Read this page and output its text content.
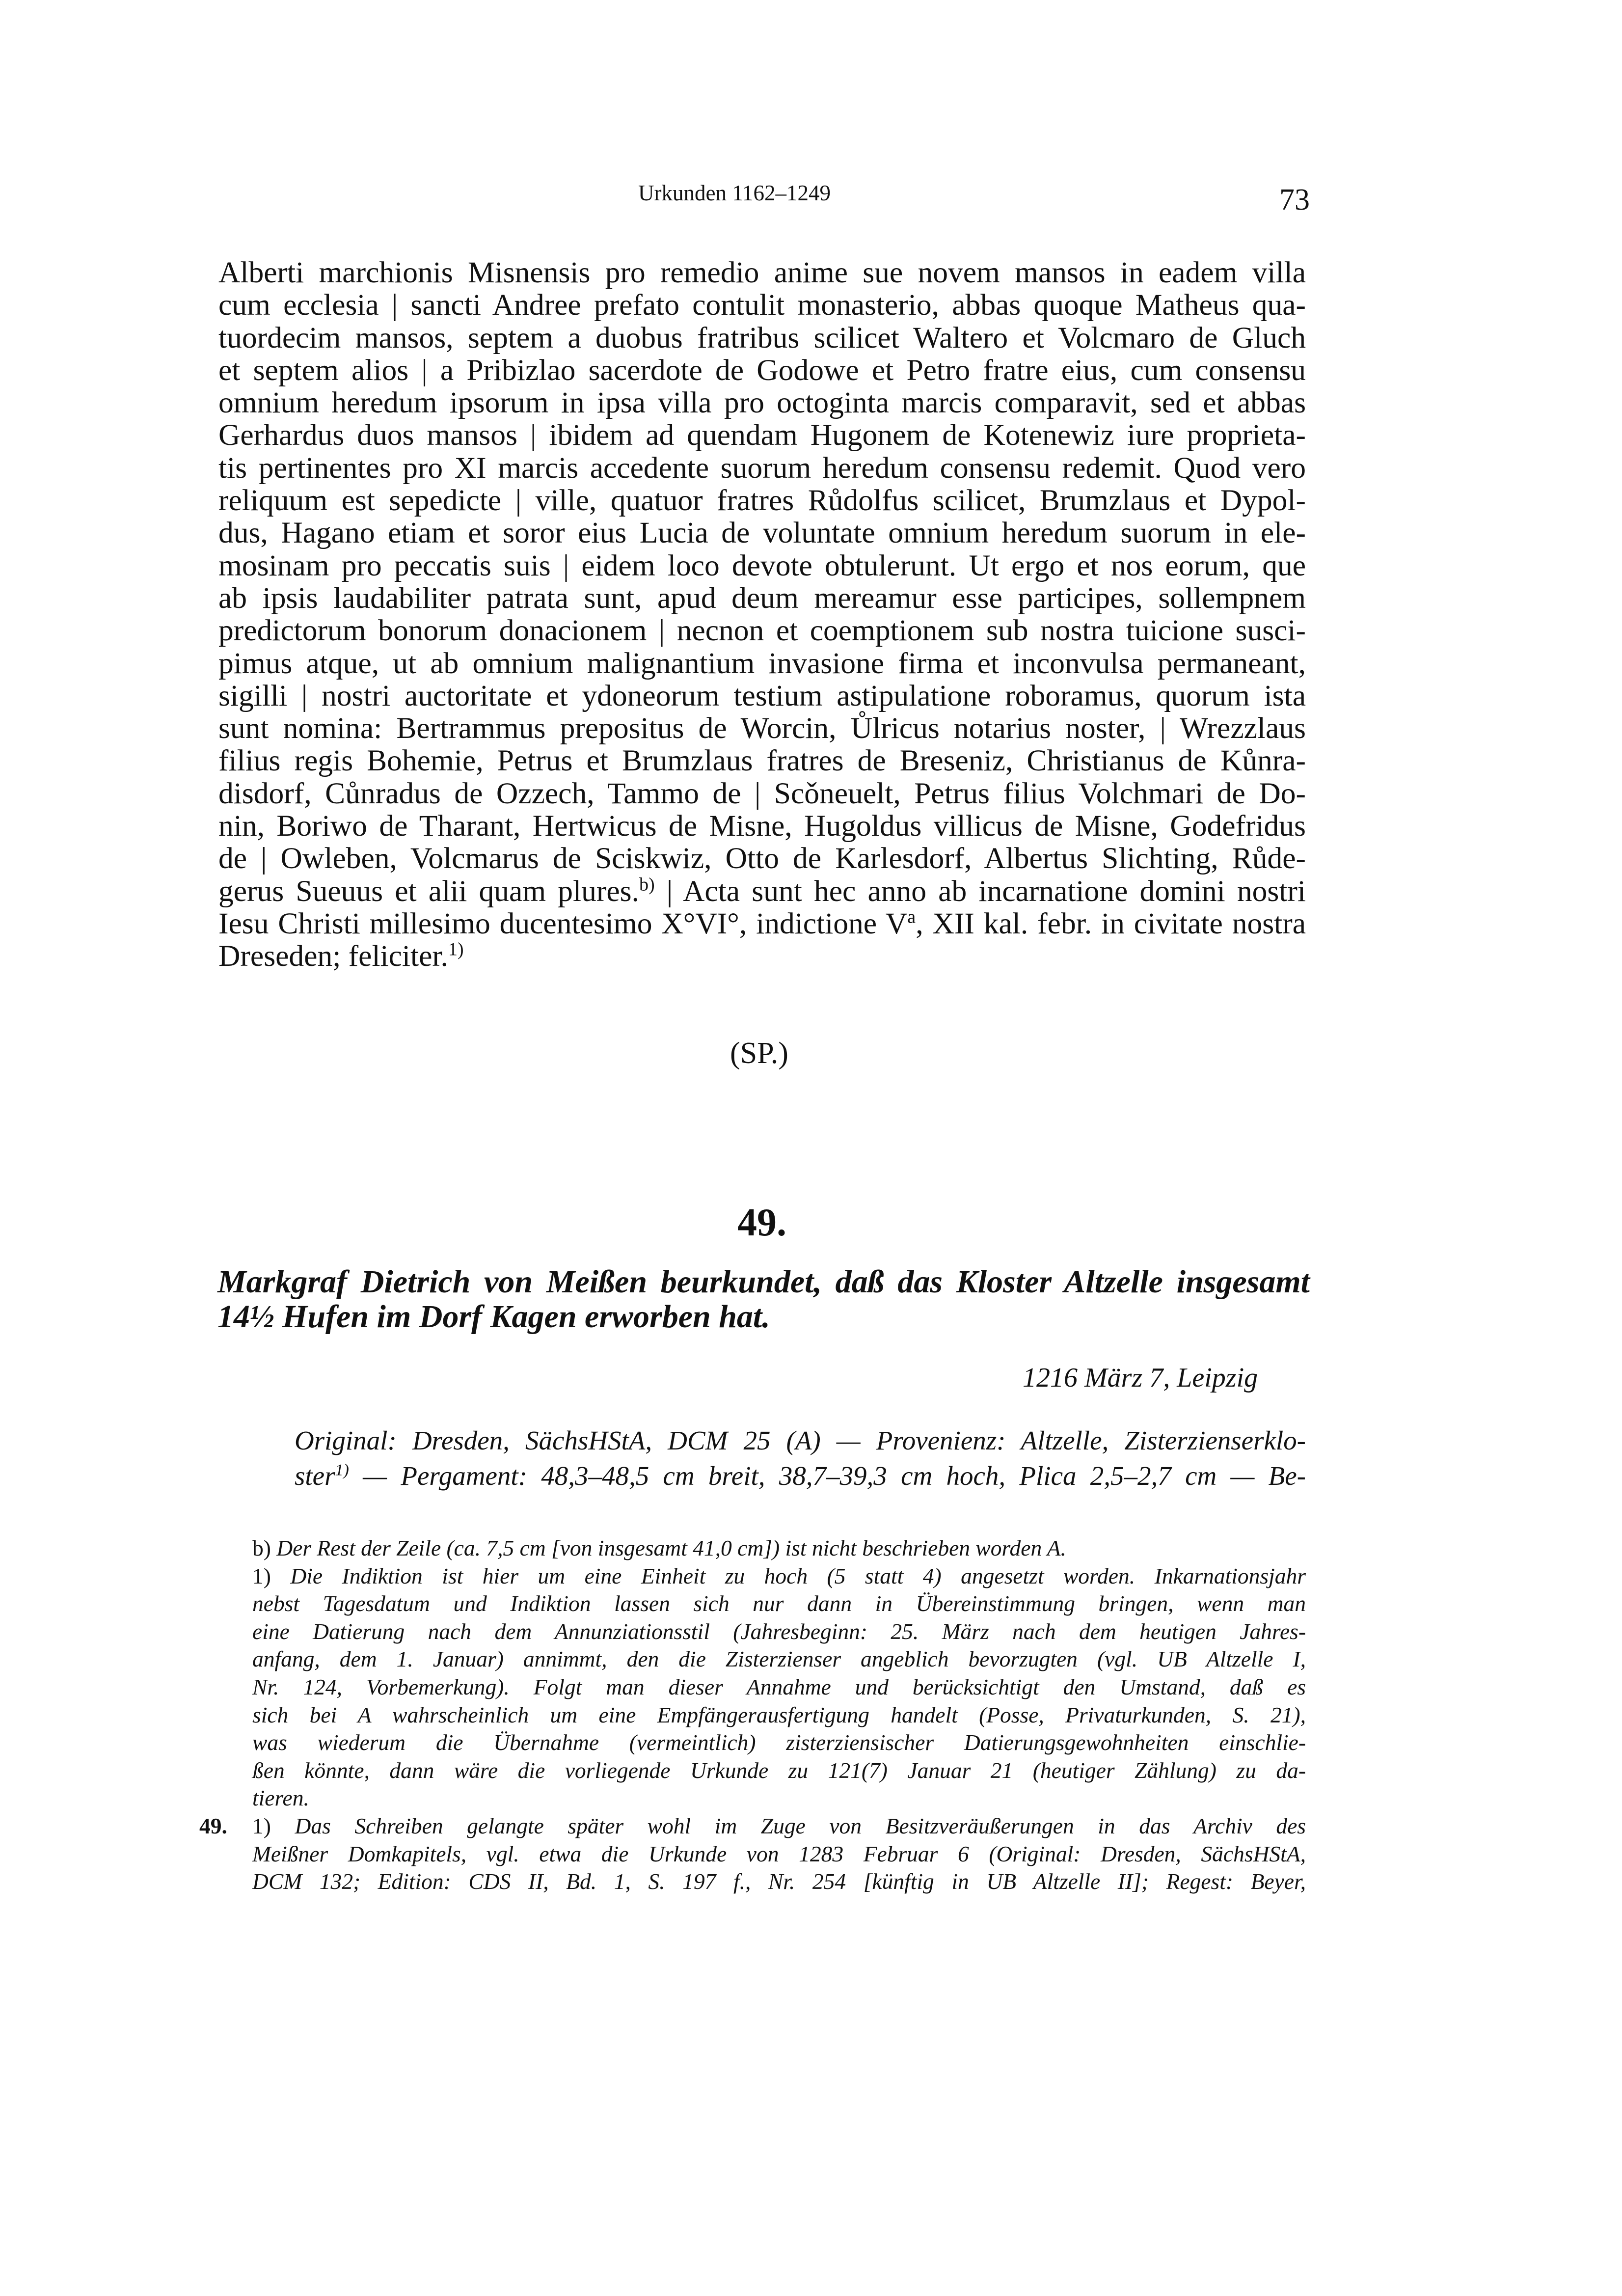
Urkunden 1162–1249	73
Alberti marchionis Misnensis pro remedio anime sue novem mansos in eadem villa
cum ecclesia | sancti Andree prefato contulit monasterio, abbas quoque Matheus qua-
tuordecim mansos, septem a duobus fratribus scilicet Waltero et Volcmaro de Gluch
et septem alios | a Pribizlao sacerdote de Godowe et Petro fratre eius, cum consensu
omnium heredum ipsorum in ipsa villa pro octoginta marcis comparavit, sed et abbas
Gerhardus duos mansos | ibidem ad quendam Hugonem de Kotenewiz iure proprieta-
tis pertinentes pro XI marcis accedente suorum heredum consensu redemit. Quod vero
reliquum est sepedicte | ville, quatuor fratres Růdolfus scilicet, Brumzlaus et Dypol-
dus, Hagano etiam et soror eius Lucia de voluntate omnium heredum suorum in ele-
mosinam pro peccatis suis | eidem loco devote obtulerunt. Ut ergo et nos eorum, que
ab ipsis laudabiliter patrata sunt, apud deum mereamur esse participes, sollempnem
predictorum bonorum donacionem | necnon et coemptionem sub nostra tuicione susci-
pimus atque, ut ab omnium malignantium invasione firma et inconvulsa permaneant,
sigilli | nostri auctoritate et ydoneorum testium astipulatione roboramus, quorum ista
sunt nomina: Bertrammus prepositus de Worcin, Ůlricus notarius noster, | Wrezzlaus
filius regis Bohemie, Petrus et Brumzlaus fratres de Breseniz, Christianus de Kůnra-
disdorf, Cůnradus de Ozzech, Tammo de | Scǒneuelt, Petrus filius Volchmari de Do-
nin, Boriwo de Tharant, Hertwicus de Misne, Hugoldus villicus de Misne, Godefridus
de | Owleben, Volcmarus de Sciskwiz, Otto de Karlesdorf, Albertus Slichting, Růde-
gerus Sueuus et alii quam plures.$^{b)}$ | Acta sunt hec anno ab incarnatione domini nostri
Iesu Christi millesimo ducentesimo X°VI°, indictione $V^a$, XII kal. febr. in civitate nostra
Dreseden; feliciter.$^{1)}$
(SP.)
49.
Markgraf Dietrich von Meißen beurkundet, daß das Kloster Altzelle insgesamt
14½ Hufen im Dorf Kagen erworben hat.
1216 März 7, Leipzig
Original: Dresden, SächsHStA, DCM 25 (A) — Provenienz: Altzelle, Zisterzienserklo-
ster$^{1)}$ — Pergament: 48,3–48,5 cm breit, 38,7–39,3 cm hoch, Plica 2,5–2,7 cm — Be-
b) Der Rest der Zeile (ca. 7,5 cm [von insgesamt 41,0 cm]) ist nicht beschrieben worden A.
1) Die Indiktion ist hier um eine Einheit zu hoch (5 statt 4) angesetzt worden. Inkarnationsjahr
nebst Tagesdatum und Indiktion lassen sich nur dann in Übereinstimmung bringen, wenn man
eine Datierung nach dem Annunziationsstil (Jahresbeginn: 25. März nach dem heutigen Jahres-
anfang, dem 1. Januar) annimmt, den die Zisterzienser angeblich bevorzugten (vgl. UB Altzelle I,
Nr. 124, Vorbemerkung). Folgt man dieser Annahme und berücksichtigt den Umstand, daß es
sich bei A wahrscheinlich um eine Empfängerausfertigung handelt (Posse, Privaturkunden, S. 21),
was wiederum die Übernahme (vermeintlich) zisterziensischer Datierungsgewohnheiten einschlie-
ßen könnte, dann wäre die vorliegende Urkunde zu 121(7) Januar 21 (heutiger Zählung) zu da-
tieren.
49. 1) Das Schreiben gelangte später wohl im Zuge von Besitzveräußerungen in das Archiv des
Meißner Domkapitels, vgl. etwa die Urkunde von 1283 Februar 6 (Original: Dresden, SächsHStA,
DCM 132; Edition: CDS II, Bd. 1, S. 197 f., Nr. 254 [künftig in UB Altzelle II]; Regest: Beyer,
